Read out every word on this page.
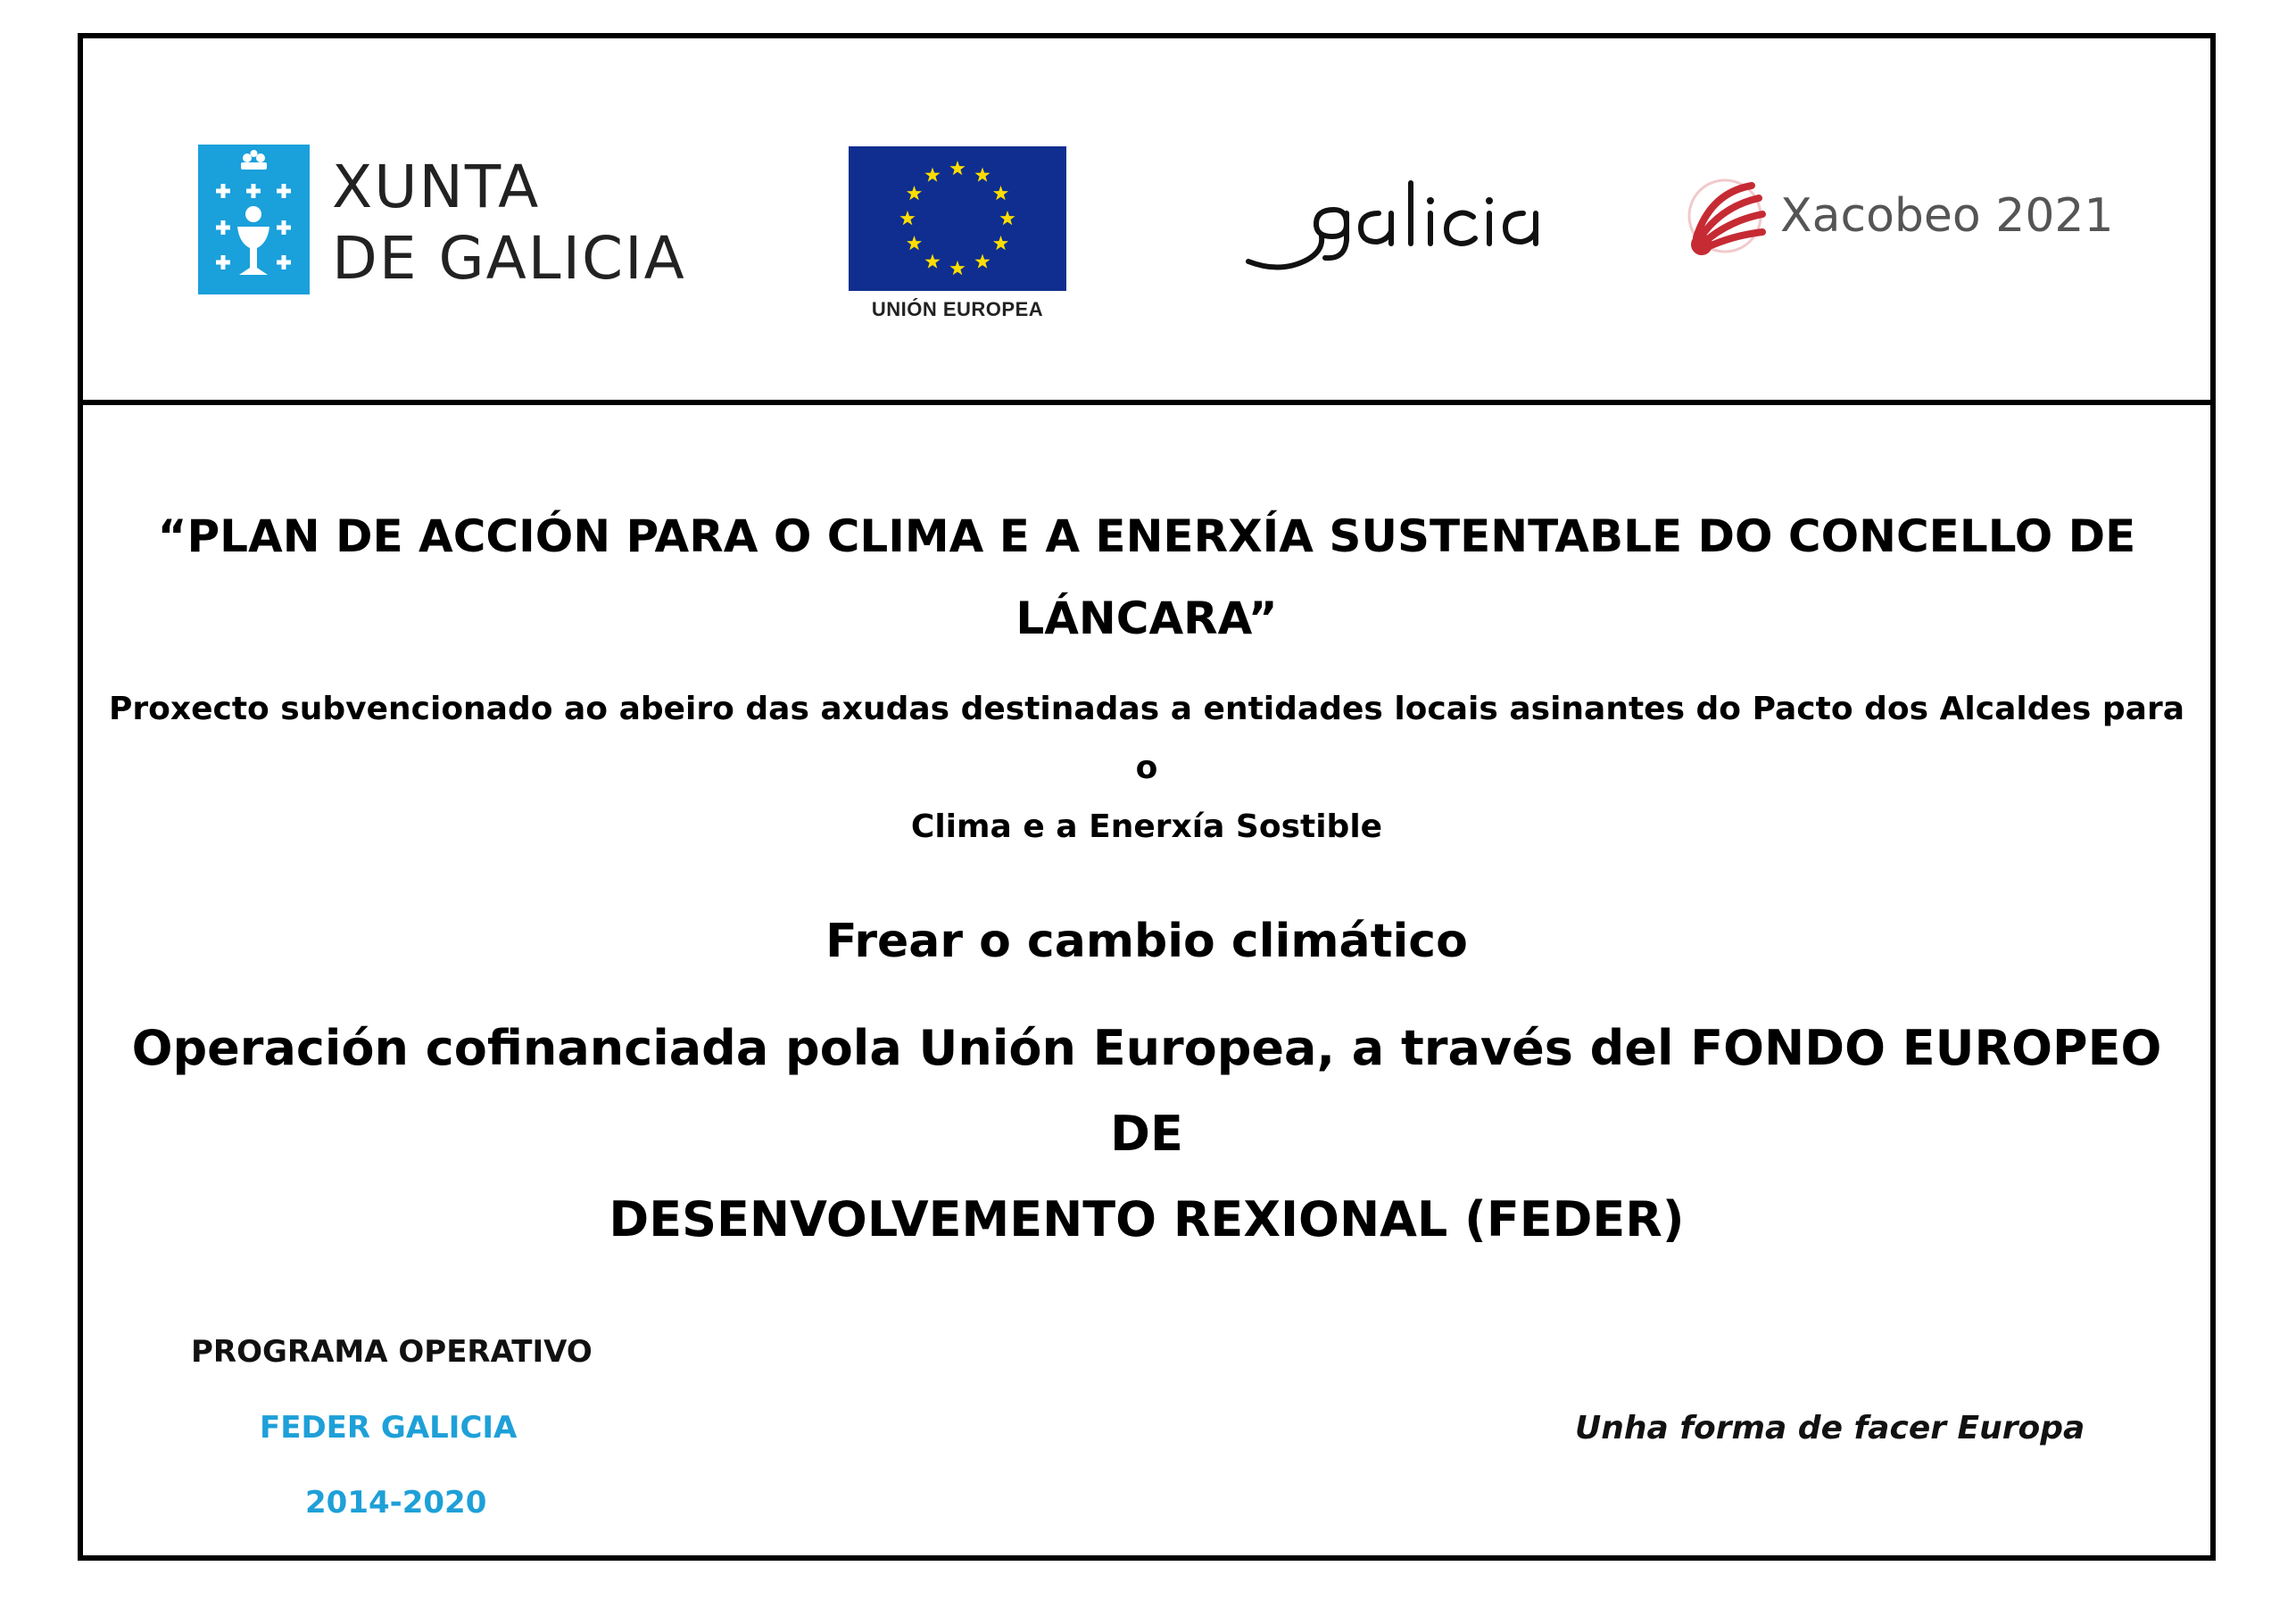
XUNTA
DE GALICIA
UNIÓN EUROPEA
Xacobeo 2021
“PLAN DE ACCIÓN PARA O CLIMA E A ENERXÍA SUSTENTABLE DO CONCELLO DE
LÁNCARA”
Proxecto subvencionado ao abeiro das axudas destinadas a entidades locais asinantes do Pacto dos Alcaldes para o
Clima e a Enerxía Sostible
Frear o cambio climático
Operación cofinanciada pola Unión Europea, a través del FONDO EUROPEO DE
DESENVOLVEMENTO REXIONAL (FEDER)
PROGRAMA OPERATIVO
FEDER GALICIA
2014-2020
Unha forma de facer Europa
